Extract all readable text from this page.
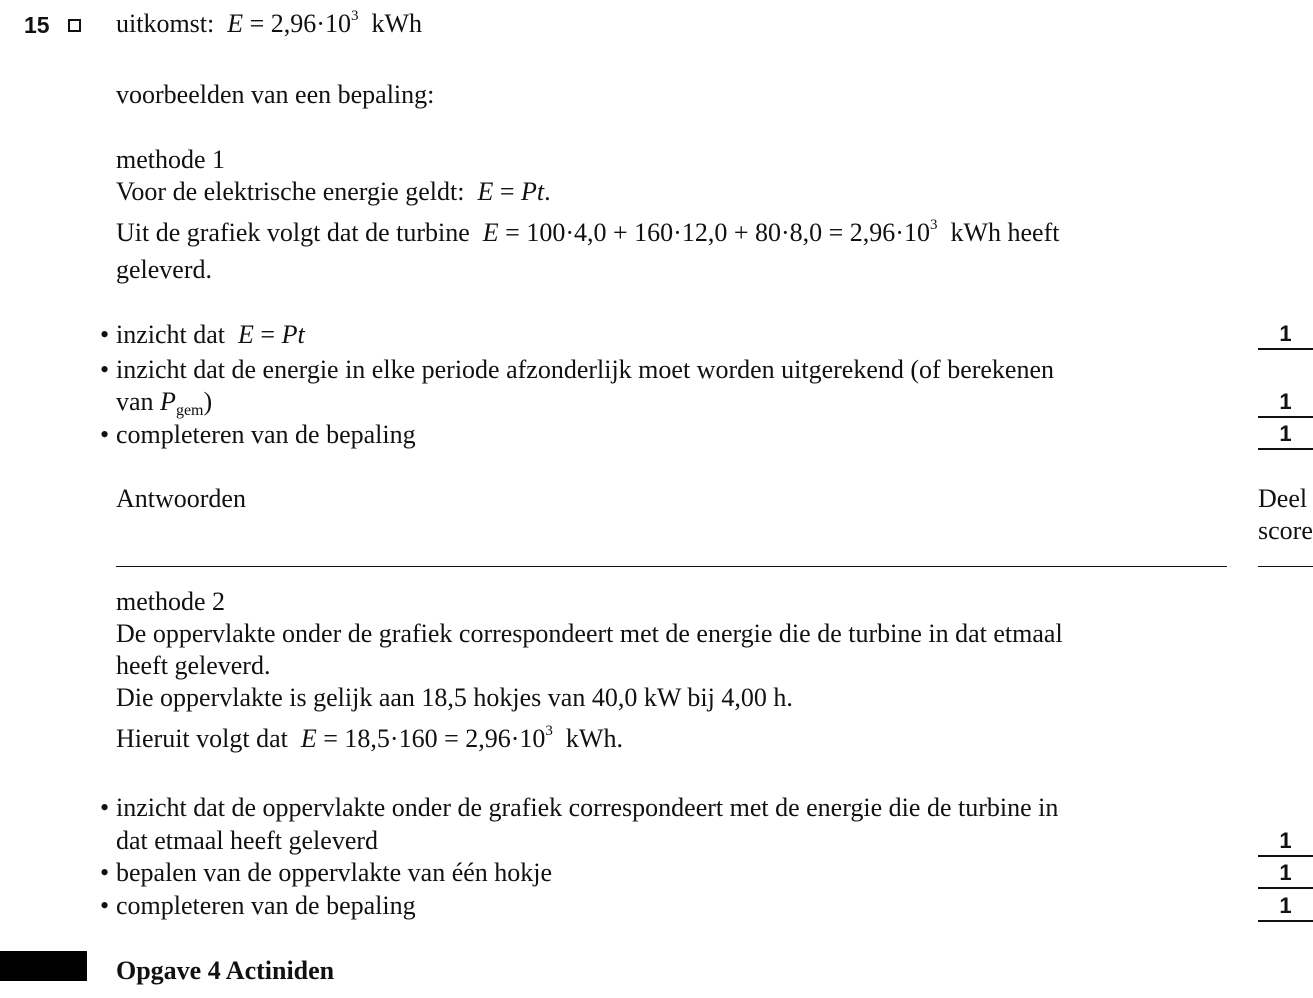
15	uitkomst: $E = 2,96\cdot 10^3$  kWh
voorbeelden van een bepaling:
methode 1
Voor de elektrische energie geldt: E = Pt.
Uit de grafiek volgt dat de turbine $E = 100\cdot 4,0 + 160\cdot 12,0 + 80\cdot 8,0 = 2,96\cdot 10^3$  kWh heeft
geleverd.
• inzicht dat E = Pt	1
• inzicht dat de energie in elke periode afzonderlijk moet worden uitgerekend (of berekenen
van $P_{gem}$)	1
• completeren van de bepaling	1
Antwoorden	Deel
score
methode 2
De oppervlakte onder de grafiek correspondeert met de energie die de turbine in dat etmaal
heeft geleverd.
Die oppervlakte is gelijk aan 18,5 hokjes van 40,0 kW bij 4,00 h.
Hieruit volgt dat $E = 18,5\cdot 160 = 2,96\cdot 10^3$  kWh.
• inzicht dat de oppervlakte onder de grafiek correspondeert met de energie die de turbine in
dat etmaal heeft geleverd	1
• bepalen van de oppervlakte van één hokje	1
• completeren van de bepaling	1
Opgave 4 Actiniden
